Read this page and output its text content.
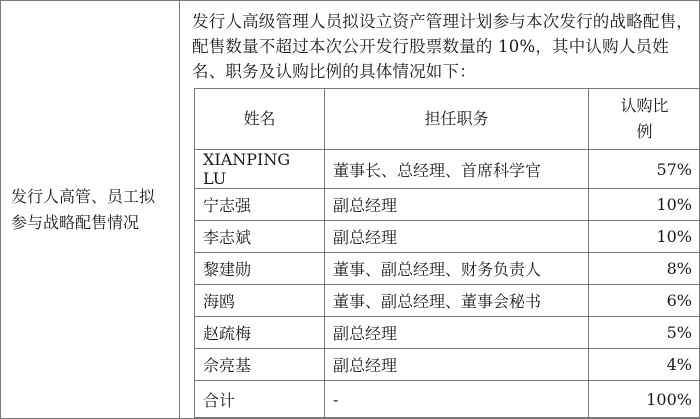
发行人高管、员工拟参与战略配售情况

发行人高级管理人员拟设立资产管理计划参与本次发行的战略配售，配售数量不超过本次公开发行股票数量的 10%，其中认购人员姓名、职务及认购比例的具体情况如下：
姓名	担任职务	认购比例
XIANPING LU	董事长、总经理、首席科学官	57%
宁志强	副总经理	10%
李志斌	副总经理	10%
黎建勋	董事、副总经理、财务负责人	8%
海鸥	董事、副总经理、董事会秘书	6%
赵疏梅	副总经理	5%
佘亮基	副总经理	4%
合计	-	100%
